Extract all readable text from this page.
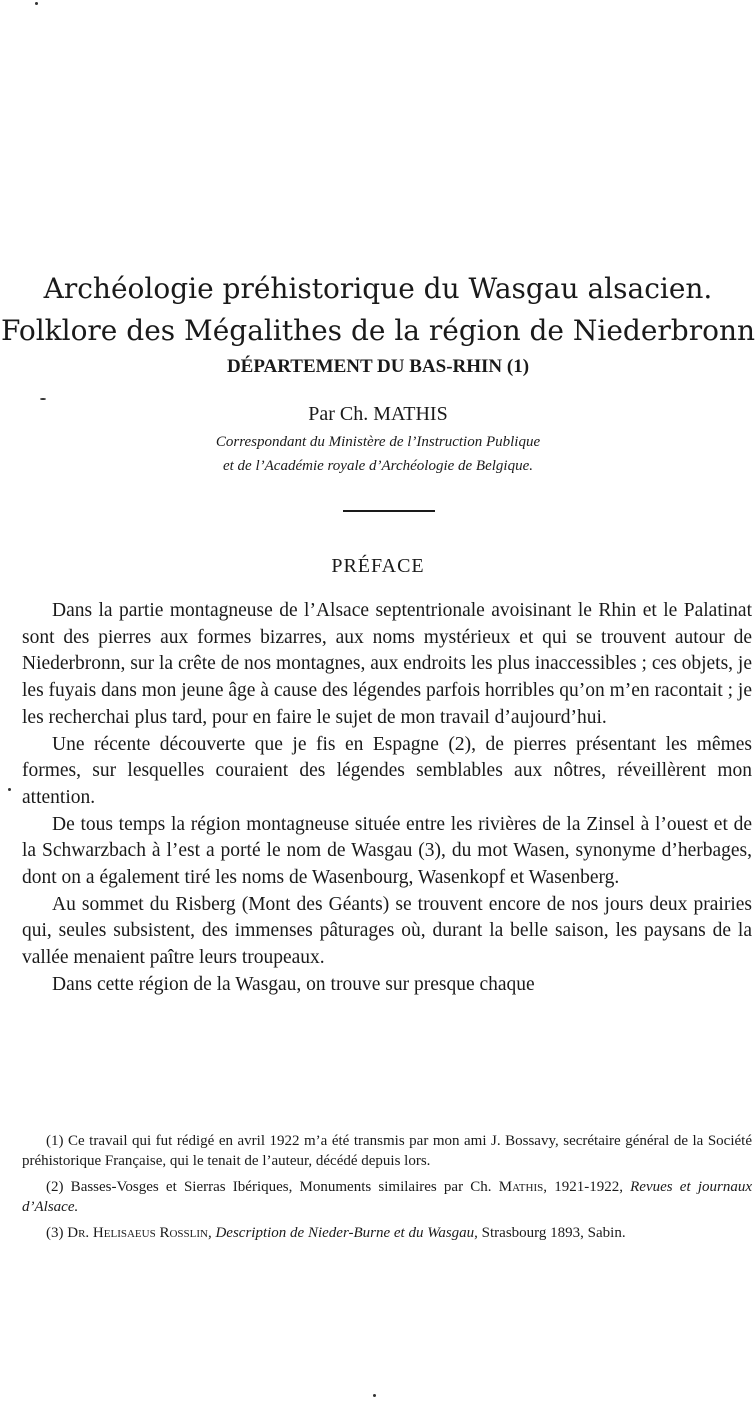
Archéologie préhistorique du Wasgau alsacien.
Folklore des Mégalithes de la région de Niederbronn
DÉPARTEMENT DU BAS-RHIN (1)
Par Ch. MATHIS
Correspondant du Ministère de l’Instruction Publique
et de l’Académie royale d’Archéologie de Belgique.
PRÉFACE

Dans la partie montagneuse de l’Alsace septentrionale avoisinant le Rhin et le Palatinat sont des pierres aux formes bizarres, aux noms mystérieux et qui se trouvent autour de Niederbronn, sur la crête de nos montagnes, aux endroits les plus inaccessibles ; ces objets, je les fuyais dans mon jeune âge à cause des légendes parfois horribles qu’on m’en racontait ; je les recherchai plus tard, pour en faire le sujet de mon travail d’aujourd’hui.

Une récente découverte que je fis en Espagne (2), de pierres présentant les mêmes formes, sur lesquelles couraient des légendes semblables aux nôtres, réveillèrent mon attention.

De tous temps la région montagneuse située entre les rivières de la Zinsel à l’ouest et de la Schwarzbach à l’est a porté le nom de Wasgau (3), du mot Wasen, synonyme d’herbages, dont on a également tiré les noms de Wasenbourg, Wasenkopf et Wasenberg.

Au sommet du Risberg (Mont des Géants) se trouvent encore de nos jours deux prairies qui, seules subsistent, des immenses pâturages où, durant la belle saison, les paysans de la vallée menaient paître leurs troupeaux.

Dans cette région de la Wasgau, on trouve sur presque chaque

(1) Ce travail qui fut rédigé en avril 1922 m’a été transmis par mon ami J. Bossavy, secrétaire général de la Société préhistorique Française, qui le tenait de l’auteur, décédé depuis lors.

(2) Basses-Vosges et Sierras Ibériques, Monuments similaires par Ch. Mathis, 1921-1922, Revues et journaux d’Alsace.

(3) Dr. Helisaeus Rosslin, Description de Nieder-Burne et du Wasgau, Strasbourg 1893, Sabin.
